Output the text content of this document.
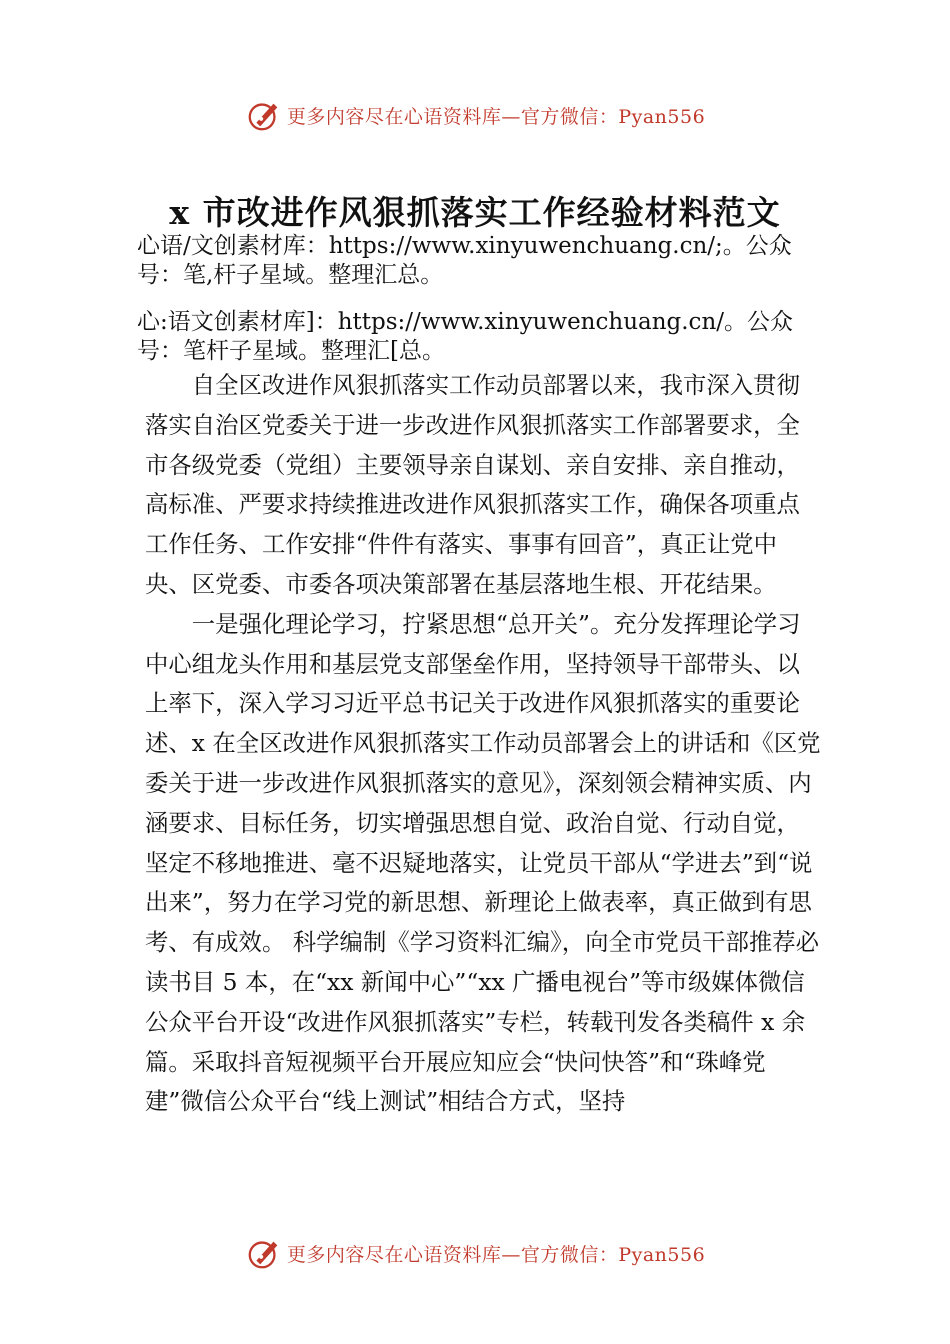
更多内容尽在心语资料库—官方微信：Pyan556
x 市改进作风狠抓落实工作经验材料范文
心语/文创素材库：https://www.xinyuwenchuang.cn/;。公众号：笔,杆子星域。整理汇总。
心:语文创素材库]：https://www.xinyuwenchuang.cn/。公众号：笔杆子星域。整理汇[总。

自全区改进作风狠抓落实工作动员部署以来，我市深入贯彻落实自治区党委关于进一步改进作风狠抓落实工作部署要求，全市各级党委（党组）主要领导亲自谋划、亲自安排、亲自推动，高标准、严要求持续推进改进作风狠抓落实工作，确保各项重点工作任务、工作安排“件件有落实、事事有回音”，真正让党中央、区党委、市委各项决策部署在基层落地生根、开花结果。

一是强化理论学习，拧紧思想“总开关”。充分发挥理论学习中心组龙头作用和基层党支部堡垒作用，坚持领导干部带头、以上率下，深入学习习近平总书记关于改进作风狠抓落实的重要论述、x 在全区改进作风狠抓落实工作动员部署会上的讲话和《区党委关于进一步改进作风狠抓落实的意见》，深刻领会精神实质、内涵要求、目标任务，切实增强思想自觉、政治自觉、行动自觉，坚定不移地推进、毫不迟疑地落实，让党员干部从“学进去”到“说出来”，努力在学习党的新思想、新理论上做表率，真正做到有思考、有成效。 科学编制《学习资料汇编》，向全市党员干部推荐必读书目 5 本，在“xx 新闻中心”“xx 广播电视台”等市级媒体微信公众平台开设“改进作风狠抓落实”专栏，转载刊发各类稿件 x 余篇。采取抖音短视频平台开展应知应会“快问快答”和“珠峰党建”微信公众平台“线上测试”相结合方式，坚持

更多内容尽在心语资料库—官方微信：Pyan556
